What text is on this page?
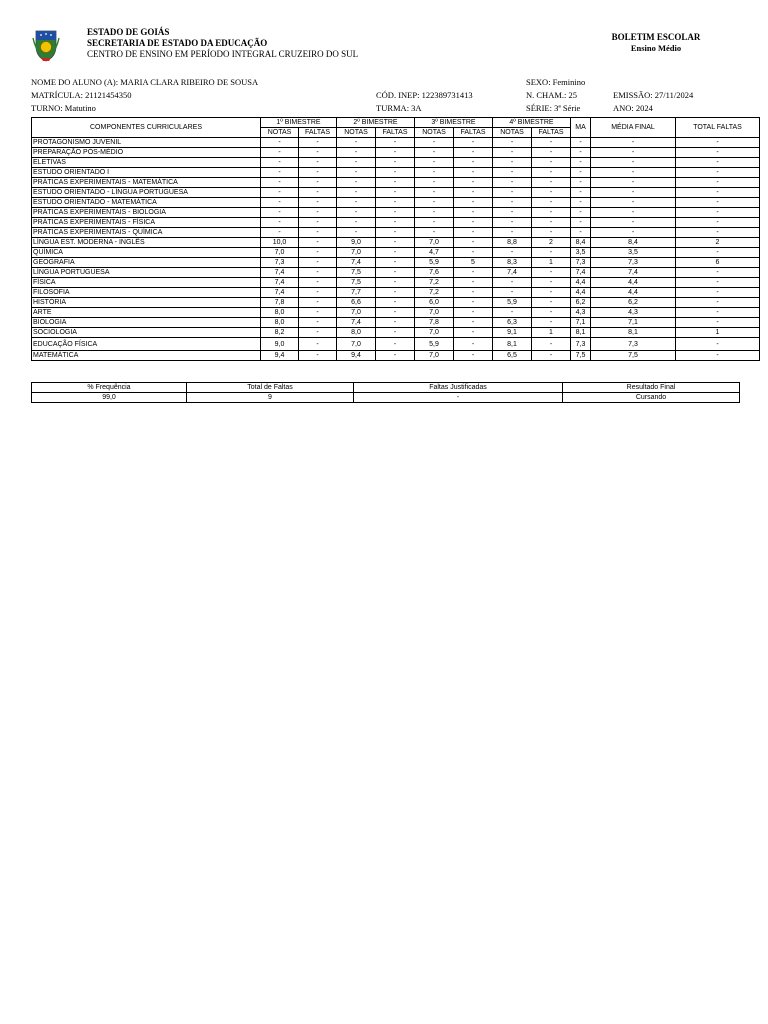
ESTADO DE GOIÁS
SECRETARIA DE ESTADO DA EDUCAÇÃO
CENTRO DE ENSINO EM PERÍODO INTEGRAL CRUZEIRO DO SUL
BOLETIM ESCOLAR
Ensino Médio
NOME DO ALUNO (A): MARIA CLARA RIBEIRO DE SOUSA	SEXO: Feminino
MATRÍCULA: 21121454350	CÓD. INEP: 122389731413	N. CHAM.: 25	EMISSÃO: 27/11/2024
TURNO: Matutino	TURMA: 3A	SÉRIE: 3ª Série	ANO: 2024
COMPONENTES CURRICULARES	1º BIMESTRE		2º BIMESTRE		3º BIMESTRE		4º BIMESTRE		MA	MÉDIA FINAL	TOTAL FALTAS
	NOTAS	FALTAS	NOTAS	FALTAS	NOTAS	FALTAS	NOTAS	FALTAS			
PROTAGONISMO JUVENIL	-	-	-	-	-	-	-	-	-	-	-
PREPARAÇÃO PÓS-MÉDIO	-	-	-	-	-	-	-	-	-	-	-
ELETIVAS	-	-	-	-	-	-	-	-	-	-	-
ESTUDO ORIENTADO I	-	-	-	-	-	-	-	-	-	-	-
PRÁTICAS EXPERIMENTAIS - MATEMÁTICA	-	-	-	-	-	-	-	-	-	-	-
ESTUDO ORIENTADO - LÍNGUA PORTUGUESA	-	-	-	-	-	-	-	-	-	-	-
ESTUDO ORIENTADO - MATEMÁTICA	-	-	-	-	-	-	-	-	-	-	-
PRÁTICAS EXPERIMENTAIS - BIOLOGIA	-	-	-	-	-	-	-	-	-	-	-
PRÁTICAS EXPERIMENTAIS - FÍSICA	-	-	-	-	-	-	-	-	-	-	-
PRÁTICAS EXPERIMENTAIS - QUÍMICA	-	-	-	-	-	-	-	-	-	-	-
LÍNGUA EST. MODERNA - INGLÊS	10,0	-	9,0	-	7,0	-	8,8	2	8,4	8,4	2
QUÍMICA	7,0	-	7,0	-	4,7	-	-	-	3,5	3,5	-
GEOGRAFIA	7,3	-	7,4	-	5,9	5	8,3	1	7,3	7,3	6
LÍNGUA PORTUGUESA	7,4	-	7,5	-	7,6	-	7,4	-	7,4	7,4	-
FÍSICA	7,4	-	7,5	-	7,2	-	-	-	4,4	4,4	-
FILOSOFIA	7,4	-	7,7	-	7,2	-	-	-	4,4	4,4	-
HISTÓRIA	7,8	-	6,6	-	6,0	-	5,9	-	6,2	6,2	-
ARTE	8,0	-	7,0	-	7,0	-	-	-	4,3	4,3	-
BIOLOGIA	8,0	-	7,4	-	7,8	-	6,3	-	7,1	7,1	-
SOCIOLOGIA	8,2	-	8,0	-	7,0	-	9,1	1	8,1	8,1	1
EDUCAÇÃO FÍSICA	9,0	-	7,0	-	5,9	-	8,1	-	7,3	7,3	-
MATEMÁTICA	9,4	-	9,4	-	7,0	-	6,5	-	7,5	7,5	-
% Frequência	Total de Faltas	Faltas Justificadas	Resultado Final
99,0	9	-	Cursando
